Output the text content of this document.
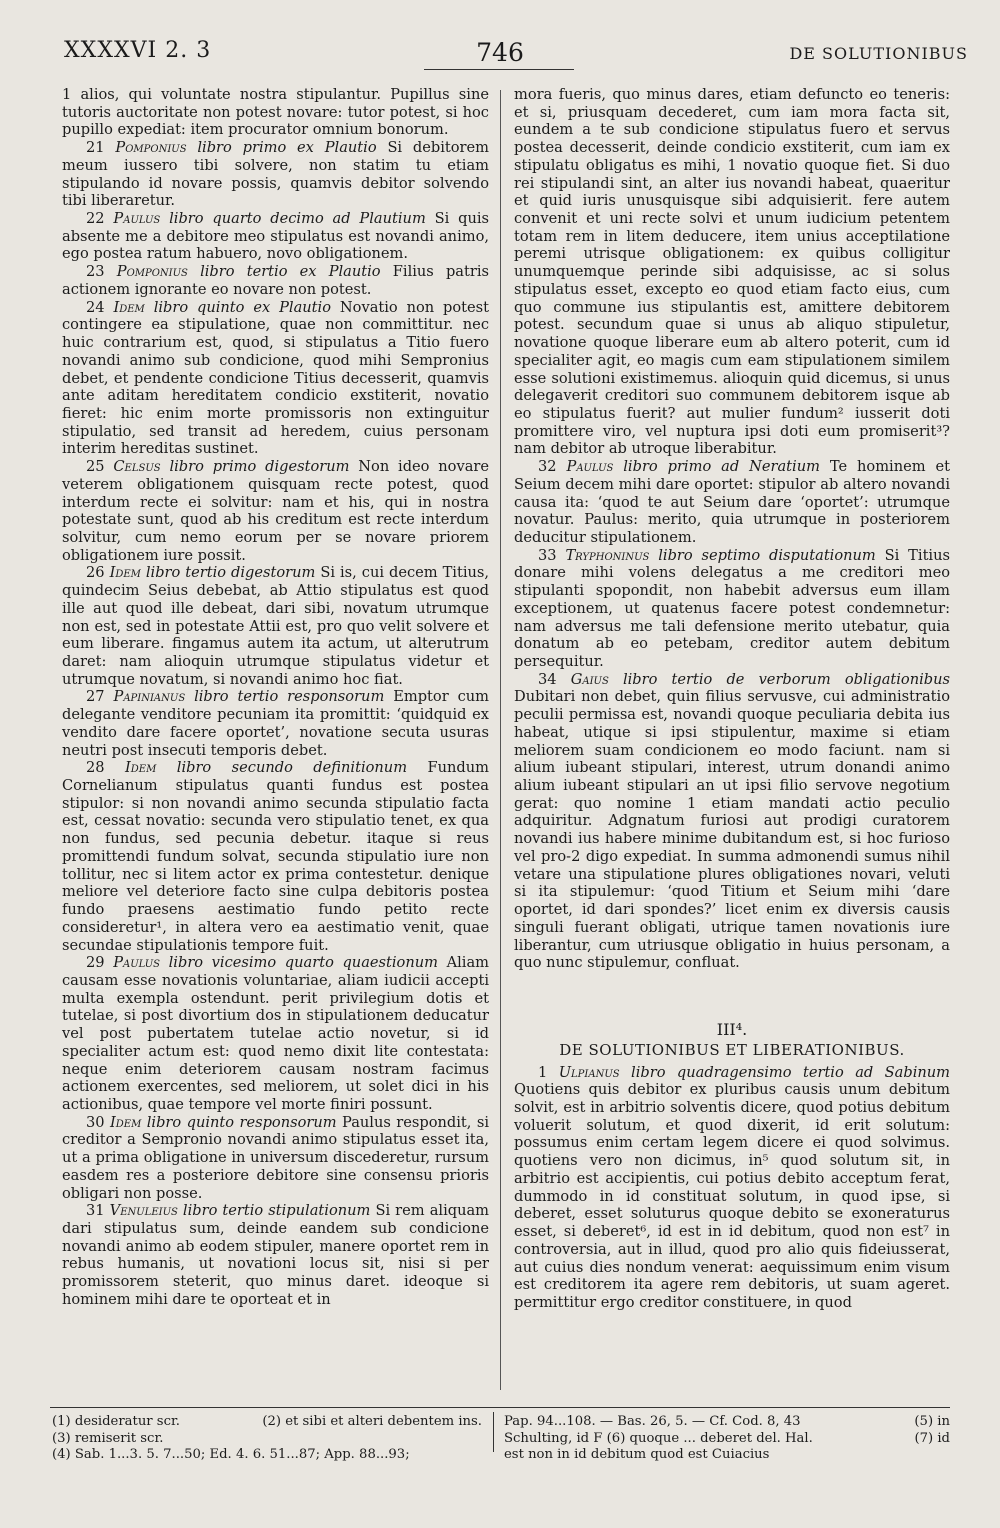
XXXXVI 2. 3	746	DE SOLUTIONIBUS

1 alios, qui voluntate nostra stipulantur. Pupillus sine tutoris auctoritate non potest novare: tutor potest, si hoc pupillo expediat: item procurator omnium bonorum.

21 Pomponius libro primo ex Plautio Si debitorem meum iussero tibi solvere, non statim tu etiam stipulando id novare possis, quamvis debitor solvendo tibi liberaretur.

22 Paulus libro quarto decimo ad Plautium Si quis absente me a debitore meo stipulatus est novandi animo, ego postea ratum habuero, novo obligationem.

23 Pomponius libro tertio ex Plautio Filius patris actionem ignorante eo novare non potest.

24 Idem libro quinto ex Plautio Novatio non potest contingere ea stipulatione, quae non committitur. nec huic contrarium est, quod, si stipulatus a Titio fuero novandi animo sub condicione, quod mihi Sempronius debet, et pendente condicione Titius decesserit, quamvis ante aditam hereditatem condicio exstiterit, novatio fieret: hic enim morte promissoris non extinguitur stipulatio, sed transit ad heredem, cuius personam interim hereditas sustinet.

25 Celsus libro primo digestorum Non ideo novare veterem obligationem quisquam recte potest, quod interdum recte ei solvitur: nam et his, qui in nostra potestate sunt, quod ab his creditum est recte interdum solvitur, cum nemo eorum per se novare priorem obligationem iure possit.

26 Idem libro tertio digestorum Si is, cui decem Titius, quindecim Seius debebat, ab Attio stipulatus est quod ille aut quod ille debeat, dari sibi, novatum utrumque non est, sed in potestate Attii est, pro quo velit solvere et eum liberare. fingamus autem ita actum, ut alterutrum daret: nam alioquin utrumque stipulatus videtur et utrumque novatum, si novandi animo hoc fiat.

27 Papinianus libro tertio responsorum Emptor cum delegante venditore pecuniam ita promittit: ‘quidquid ex vendito dare facere oportet’, novatione secuta usuras neutri post insecuti temporis debet.

28 Idem libro secundo definitionum Fundum Cornelianum stipulatus quanti fundus est postea stipulor: si non novandi animo secunda stipulatio facta est, cessat novatio: secunda vero stipulatio tenet, ex qua non fundus, sed pecunia debetur. itaque si reus promittendi fundum solvat, secunda stipulatio iure non tollitur, nec si litem actor ex prima contestetur. denique meliore vel deteriore facto sine culpa debitoris postea fundo praesens aestimatio fundo petito recte consideretur¹, in altera vero ea aestimatio venit, quae secundae stipulationis tempore fuit.

29 Paulus libro vicesimo quarto quaestionum Aliam causam esse novationis voluntariae, aliam iudicii accepti multa exempla ostendunt. perit privilegium dotis et tutelae, si post divortium dos in stipulationem deducatur vel post pubertatem tutelae actio novetur, si id specialiter actum est: quod nemo dixit lite contestata: neque enim deteriorem causam nostram facimus actionem exercentes, sed meliorem, ut solet dici in his actionibus, quae tempore vel morte finiri possunt.

30 Idem libro quinto responsorum Paulus respondit, si creditor a Sempronio novandi animo stipulatus esset ita, ut a prima obligatione in universum discederetur, rursum easdem res a posteriore debitore sine consensu prioris obligari non posse.

31 Venuleius libro tertio stipulationum Si rem aliquam dari stipulatus sum, deinde eandem sub condicione novandi animo ab eodem stipuler, manere oportet rem in rebus humanis, ut novationi locus sit, nisi si per promissorem steterit, quo minus daret. ideoque si hominem mihi dare te oporteat et in

mora fueris, quo minus dares, etiam defuncto eo teneris: et si, priusquam decederet, cum iam mora facta sit, eundem a te sub condicione stipulatus fuero et servus postea decesserit, deinde condicio exstiterit, cum iam ex stipulatu obligatus es mihi, 1 novatio quoque fiet. Si duo rei stipulandi sint, an alter ius novandi habeat, quaeritur et quid iuris unusquisque sibi adquisierit. fere autem convenit et uni recte solvi et unum iudicium petentem totam rem in litem deducere, item unius acceptilatione peremi utrisque obligationem: ex quibus colligitur unumquemque perinde sibi adquisisse, ac si solus stipulatus esset, excepto eo quod etiam facto eius, cum quo commune ius stipulantis est, amittere debitorem potest. secundum quae si unus ab aliquo stipuletur, novatione quoque liberare eum ab altero poterit, cum id specialiter agit, eo magis cum eam stipulationem similem esse solutioni existimemus. alioquin quid dicemus, si unus delegaverit creditori suo communem debitorem isque ab eo stipulatus fuerit? aut mulier fundum² iusserit doti promittere viro, vel nuptura ipsi doti eum promiserit³? nam debitor ab utroque liberabitur.

32 Paulus libro primo ad Neratium Te hominem et Seium decem mihi dare oportet: stipulor ab altero novandi causa ita: ‘quod te aut Seium dare ‘oportet’: utrumque novatur. Paulus: merito, quia utrumque in posteriorem deducitur stipulationem.

33 Tryphoninus libro septimo disputationum Si Titius donare mihi volens delegatus a me creditori meo stipulanti spopondit, non habebit adversus eum illam exceptionem, ut quatenus facere potest condemnetur: nam adversus me tali defensione merito utebatur, quia donatum ab eo petebam, creditor autem debitum persequitur.

34 Gaius libro tertio de verborum obligationibus Dubitari non debet, quin filius servusve, cui administratio peculii permissa est, novandi quoque peculiaria debita ius habeat, utique si ipsi stipulentur, maxime si etiam meliorem suam condicionem eo modo faciunt. nam si alium iubeant stipulari, interest, utrum donandi animo alium iubeant stipulari an ut ipsi filio servove negotium gerat: quo nomine 1 etiam mandati actio peculio adquiritur. Adgnatum furiosi aut prodigi curatorem novandi ius habere minime dubitandum est, si hoc furioso vel pro-2 digo expediat. In summa admonendi sumus nihil vetare una stipulatione plures obligationes novari, veluti si ita stipulemur: ‘quod Titium et Seium mihi ‘dare oportet, id dari spondes?’ licet enim ex diversis causis singuli fuerant obligati, utrique tamen novationis iure liberantur, cum utriusque obligatio in huius personam, a quo nunc stipulemur, confluat.

III⁴.
DE SOLUTIONIBUS ET LIBERATIONIBUS.

1 Ulpianus libro quadragensimo tertio ad Sabinum Quotiens quis debitor ex pluribus causis unum debitum solvit, est in arbitrio solventis dicere, quod potius debitum voluerit solutum, et quod dixerit, id erit solutum: possumus enim certam legem dicere ei quod solvimus. quotiens vero non dicimus, in⁵ quod solutum sit, in arbitrio est accipientis, cui potius debito acceptum ferat, dummodo in id constituat solutum, in quod ipse, si deberet, esset soluturus quoque debito se exoneraturus esset, si deberet⁶, id est in id debitum, quod non est⁷ in controversia, aut in illud, quod pro alio quis fideiusserat, aut cuius dies nondum venerat: aequissimum enim visum est creditorem ita agere rem debitoris, ut suam ageret. permittitur ergo creditor constituere, in quod

(1) desideratur scr.	(2) et sibi et alteri debentem ins.
(3) remiserit scr.
(4) Sab. 1...3. 5. 7...50; Ed. 4. 6. 51...87; App. 88...93;
Pap. 94...108. — Bas. 26, 5. — Cf. Cod. 8, 43	(5) in
Schulting, id F (6) quoque ... deberet del. Hal.	(7) id
est non in id debitum quod est Cuiacius
